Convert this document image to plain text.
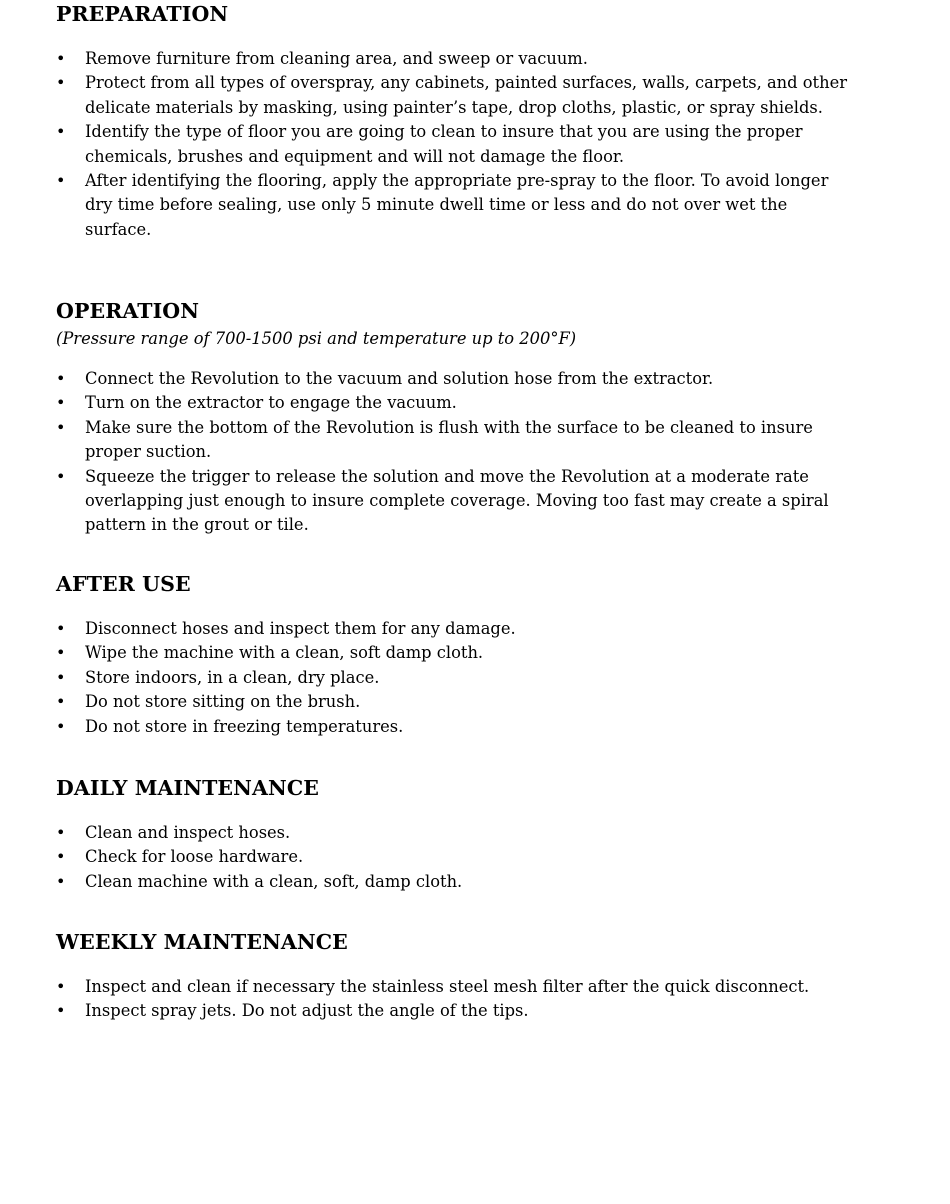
PREPARATION
• Remove furniture from cleaning area, and sweep or vacuum.
• Protect from all types of overspray, any cabinets, painted surfaces, walls, carpets, and other delicate materials by masking, using painter’s tape, drop cloths, plastic, or spray shields.
• Identify the type of floor you are going to clean to insure that you are using the proper chemicals, brushes and equipment and will not damage the floor.
• After identifying the flooring, apply the appropriate pre-spray to the floor. To avoid longer dry time before sealing, use only 5 minute dwell time or less and do not over wet the surface.
OPERATION

(Pressure range of 700-1500 psi and temperature up to 200°F)

• Connect the Revolution to the vacuum and solution hose from the extractor.
• Turn on the extractor to engage the vacuum.
• Make sure the bottom of the Revolution is flush with the surface to be cleaned to insure proper suction.
• Squeeze the trigger to release the solution and move the Revolution at a moderate rate overlapping just enough to insure complete coverage. Moving too fast may create a spiral pattern in the grout or tile.
AFTER USE
• Disconnect hoses and inspect them for any damage.
• Wipe the machine with a clean, soft damp cloth.
• Store indoors, in a clean, dry place.
• Do not store sitting on the brush.
• Do not store in freezing temperatures.
DAILY MAINTENANCE
• Clean and inspect hoses.
• Check for loose hardware.
• Clean machine with a clean, soft, damp cloth.
WEEKLY MAINTENANCE
• Inspect and clean if necessary the stainless steel mesh filter after the quick disconnect.
• Inspect spray jets. Do not adjust the angle of the tips.
